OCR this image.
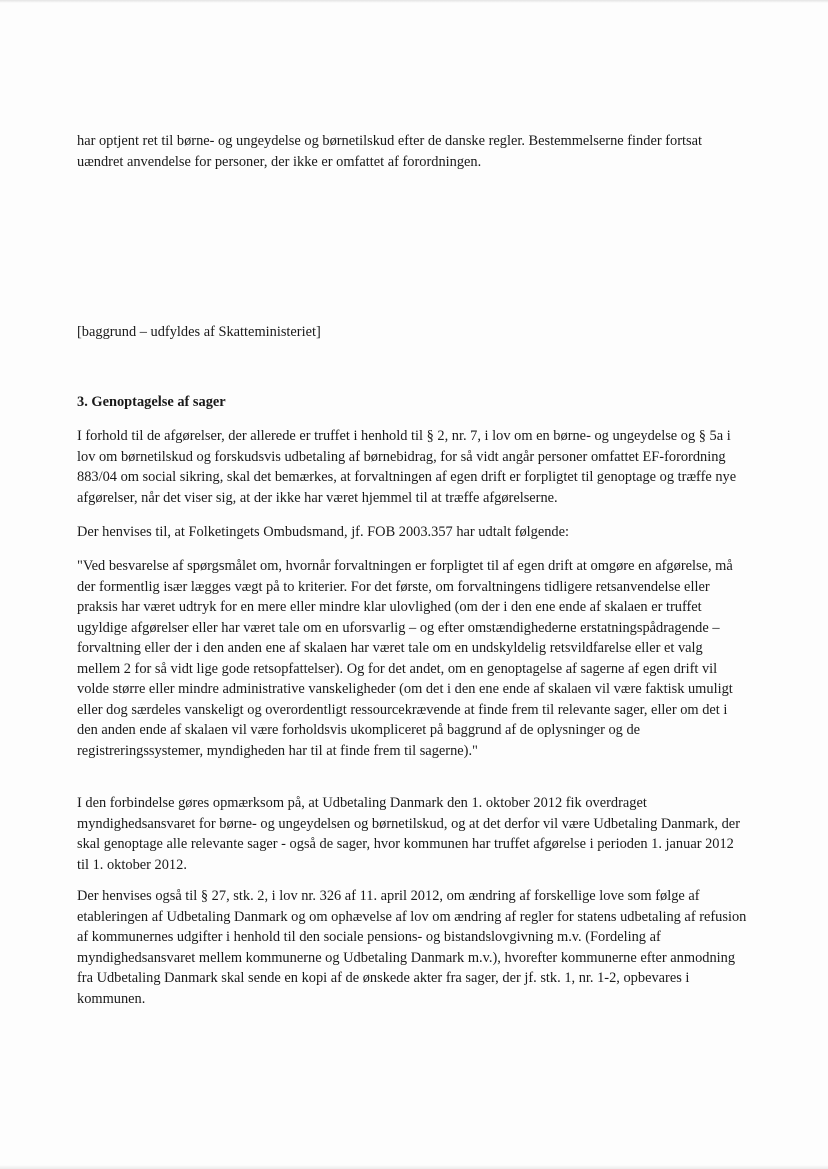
har optjent ret til børne- og ungeydelse og børnetilskud efter de danske regler. Bestemmelserne finder fortsat uændret anvendelse for personer, der ikke er omfattet af forordningen.

[baggrund – udfyldes af Skatteministeriet]

3. Genoptagelse af sager

I forhold til de afgørelser, der allerede er truffet i henhold til § 2, nr. 7, i lov om en børne- og ungeydelse og § 5a i lov om børnetilskud og forskudsvis udbetaling af børnebidrag, for så vidt angår personer omfattet EF-forordning 883/04 om social sikring, skal det bemærkes, at forvaltningen af egen drift er forpligtet til genoptage og træffe nye afgørelser, når det viser sig, at der ikke har været hjemmel til at træffe afgørelserne.

Der henvises til, at Folketingets Ombudsmand, jf. FOB 2003.357 har udtalt følgende:

"Ved besvarelse af spørgsmålet om, hvornår forvaltningen er forpligtet til af egen drift at omgøre en afgørelse, må der formentlig især lægges vægt på to kriterier. For det første, om forvaltningens tidligere retsanvendelse eller praksis har været udtryk for en mere eller mindre klar ulovlighed (om der i den ene ende af skalaen er truffet ugyldige afgørelser eller har været tale om en uforsvarlig – og efter omstændighederne erstatningspådragende – forvaltning eller der i den anden ene af skalaen har været tale om en undskyldelig retsvildfarelse eller et valg mellem 2 for så vidt lige gode retsopfattelser). Og for det andet, om en genoptagelse af sagerne af egen drift vil volde større eller mindre administrative vanskeligheder (om det i den ene ende af skalaen vil være faktisk umuligt eller dog særdeles vanskeligt og overordentligt ressourcekrævende at finde frem til relevante sager, eller om det i den anden ende af skalaen vil være forholdsvis ukompliceret på baggrund af de oplysninger og de registreringssystemer, myndigheden har til at finde frem til sagerne)."

I den forbindelse gøres opmærksom på, at Udbetaling Danmark den 1. oktober 2012 fik overdraget myndighedsansvaret for børne- og ungeydelsen og børnetilskud, og at det derfor vil være Udbetaling Danmark, der skal genoptage alle relevante sager - også de sager, hvor kommunen har truffet afgørelse i perioden 1. januar 2012 til 1. oktober 2012.

Der henvises også til § 27, stk. 2, i lov nr. 326 af 11. april 2012, om ændring af forskellige love som følge af etableringen af Udbetaling Danmark og om ophævelse af lov om ændring af regler for statens udbetaling af refusion af kommunernes udgifter i henhold til den sociale pensions- og bistandslovgivning m.v. (Fordeling af myndighedsansvaret mellem kommunerne og Udbetaling Danmark m.v.), hvorefter kommunerne efter anmodning fra Udbetaling Danmark skal sende en kopi af de ønskede akter fra sager, der jf. stk. 1, nr. 1-2, opbevares i kommunen.
